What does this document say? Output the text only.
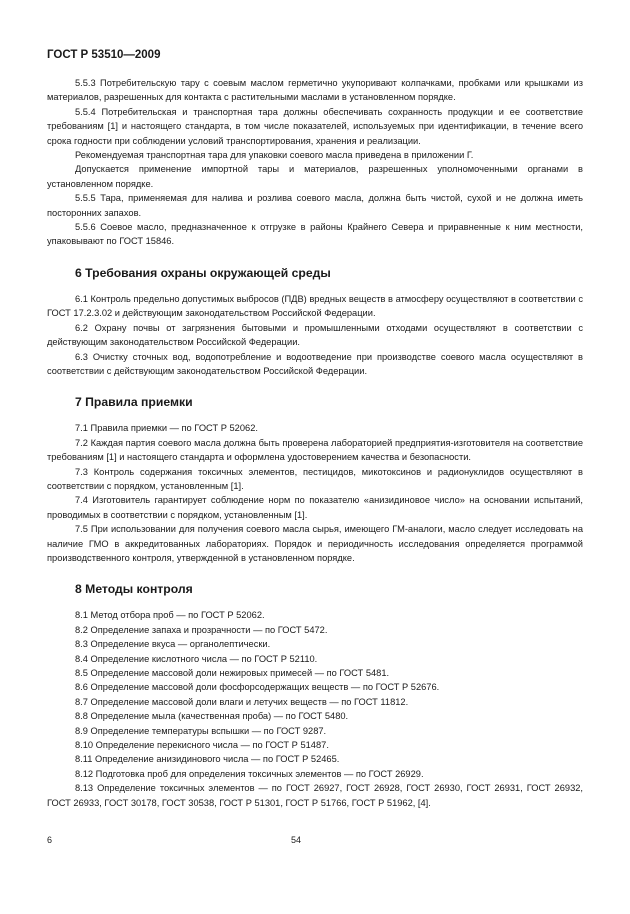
ГОСТ Р 53510—2009

5.5.3 Потребительскую тару с соевым маслом герметично укупоривают колпачками, пробками или крышками из материалов, разрешенных для контакта с растительными маслами в установленном порядке.

5.5.4 Потребительская и транспортная тара должны обеспечивать сохранность продукции и ее соответствие требованиям [1] и настоящего стандарта, в том числе показателей, используемых при идентификации, в течение всего срока годности при соблюдении условий транспортирования, хранения и реализации.

Рекомендуемая транспортная тара для упаковки соевого масла приведена в приложении Г.

Допускается применение импортной тары и материалов, разрешенных уполномоченными органами в установленном порядке.

5.5.5 Тара, применяемая для налива и розлива соевого масла, должна быть чистой, сухой и не должна иметь посторонних запахов.

5.5.6 Соевое масло, предназначенное к отгрузке в районы Крайнего Севера и приравненные к ним местности, упаковывают по ГОСТ 15846.

6 Требования охраны окружающей среды

6.1 Контроль предельно допустимых выбросов (ПДВ) вредных веществ в атмосферу осуществляют в соответствии с ГОСТ 17.2.3.02 и действующим законодательством Российской Федерации.

6.2 Охрану почвы от загрязнения бытовыми и промышленными отходами осуществляют в соответствии с действующим законодательством Российской Федерации.

6.3 Очистку сточных вод, водопотребление и водоотведение при производстве соевого масла осуществляют в соответствии с действующим законодательством Российской Федерации.

7 Правила приемки

7.1 Правила приемки — по ГОСТ Р 52062.

7.2 Каждая партия соевого масла должна быть проверена лабораторией предприятия-изготовителя на соответствие требованиям [1] и настоящего стандарта и оформлена удостоверением качества и безопасности.

7.3 Контроль содержания токсичных элементов, пестицидов, микотоксинов и радионуклидов осуществляют в соответствии с порядком, установленным [1].

7.4 Изготовитель гарантирует соблюдение норм по показателю «анизидиновое число» на основании испытаний, проводимых в соответствии с порядком, установленным [1].

7.5 При использовании для получения соевого масла сырья, имеющего ГМ-аналоги, масло следует исследовать на наличие ГМО в аккредитованных лабораториях. Порядок и периодичность исследования определяется программой производственного контроля, утвержденной в установленном порядке.

8 Методы контроля

8.1 Метод отбора проб — по ГОСТ Р 52062.

8.2 Определение запаха и прозрачности — по ГОСТ 5472.

8.3 Определение вкуса — органолептически.

8.4 Определение кислотного числа — по ГОСТ Р 52110.

8.5 Определение массовой доли нежировых примесей — по ГОСТ 5481.

8.6 Определение массовой доли фосфорсодержащих веществ — по ГОСТ Р 52676.

8.7 Определение массовой доли влаги и летучих веществ — по ГОСТ 11812.

8.8 Определение мыла (качественная проба) — по ГОСТ 5480.

8.9 Определение температуры вспышки — по ГОСТ 9287.

8.10 Определение перекисного числа — по ГОСТ Р 51487.

8.11 Определение анизидинового числа — по ГОСТ Р 52465.

8.12 Подготовка проб для определения токсичных элементов — по ГОСТ 26929.

8.13 Определение токсичных элементов — по ГОСТ 26927, ГОСТ 26928, ГОСТ 26930, ГОСТ 26931, ГОСТ 26932, ГОСТ 26933, ГОСТ 30178, ГОСТ 30538, ГОСТ Р 51301, ГОСТ Р 51766, ГОСТ Р 51962, [4].

6	54
